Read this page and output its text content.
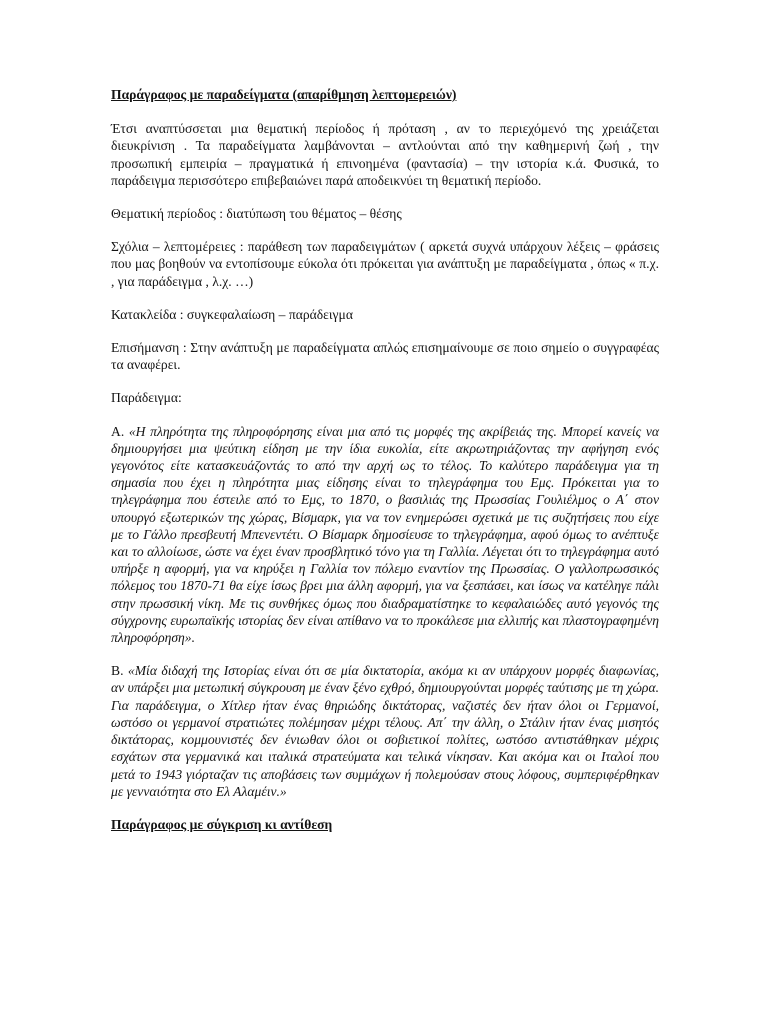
Παράγραφος με παραδείγματα (απαρίθμηση λεπτομερειών)
Έτσι αναπτύσσεται μια θεματική περίοδος ή πρόταση , αν το περιεχόμενό της χρειάζεται διευκρίνιση . Τα παραδείγματα λαμβάνονται – αντλούνται από την καθημερινή ζωή , την προσωπική εμπειρία – πραγματικά ή επινοημένα (φαντασία) – την ιστορία κ.ά. Φυσικά, το παράδειγμα περισσότερο επιβεβαιώνει παρά αποδεικνύει τη θεματική περίοδο.
Θεματική περίοδος : διατύπωση του θέματος – θέσης
Σχόλια – λεπτομέρειες : παράθεση των παραδειγμάτων ( αρκετά συχνά υπάρχουν λέξεις – φράσεις που μας βοηθούν να εντοπίσουμε εύκολα ότι πρόκειται για ανάπτυξη με παραδείγματα , όπως « π.χ. , για παράδειγμα , λ.χ. …)
Κατακλείδα : συγκεφαλαίωση – παράδειγμα
Επισήμανση : Στην ανάπτυξη με παραδείγματα απλώς επισημαίνουμε σε ποιο σημείο ο συγγραφέας τα αναφέρει.
Παράδειγμα:
Α. «Η πληρότητα της πληροφόρησης είναι μια από τις μορφές της ακρίβειάς της. Μπορεί κανείς να δημιουργήσει μια ψεύτικη είδηση με την ίδια ευκολία, είτε ακρωτηριάζοντας την αφήγηση ενός γεγονότος είτε κατασκευάζοντάς το από την αρχή ως το τέλος. Το καλύτερο παράδειγμα για τη σημασία που έχει η πληρότητα μιας είδησης είναι το τηλεγράφημα του Εμς. Πρόκειται για το τηλεγράφημα που έστειλε από το Εμς, το 1870, ο βασιλιάς της Πρωσσίας Γουλιέλμος ο Α΄ στον υπουργό εξωτερικών της χώρας, Βίσμαρκ, για να τον ενημερώσει σχετικά με τις συζητήσεις που είχε με το Γάλλο πρεσβευτή Μπενεντέτι. Ο Βίσμαρκ δημοσίευσε το τηλεγράφημα, αφού όμως το ανέπτυξε και το αλλοίωσε, ώστε να έχει έναν προσβλητικό τόνο για τη Γαλλία. Λέγεται ότι το τηλεγράφημα αυτό υπήρξε η αφορμή, για να κηρύξει η Γαλλία τον πόλεμο εναντίον της Πρωσσίας. Ο γαλλοπρωσσικός πόλεμος του 1870-71 θα είχε ίσως βρει μια άλλη αφορμή, για να ξεσπάσει, και ίσως να κατέληγε πάλι στην πρωσσική νίκη. Με τις συνθήκες όμως που διαδραματίστηκε το κεφαλαιώδες αυτό γεγονός της σύγχρονης ευρωπαϊκής ιστορίας δεν είναι απίθανο να το προκάλεσε μια ελλιπής και πλαστογραφημένη πληροφόρηση».
Β. «Μία διδαχή της Ιστορίας είναι ότι σε μία δικτατορία, ακόμα κι αν υπάρχουν μορφές διαφωνίας, αν υπάρξει μια μετωπική σύγκρουση με έναν ξένο εχθρό, δημιουργούνται μορφές ταύτισης με τη χώρα. Για παράδειγμα, ο Χίτλερ ήταν ένας θηριώδης δικτάτορας, ναζιστές δεν ήταν όλοι οι Γερμανοί, ωστόσο οι γερμανοί στρατιώτες πολέμησαν μέχρι τέλους. Απ΄ την άλλη, ο Στάλιν ήταν ένας μισητός δικτάτορας, κομμουνιστές δεν ένιωθαν όλοι οι σοβιετικοί πολίτες, ωστόσο αντιστάθηκαν μέχρις εσχάτων στα γερμανικά και ιταλικά στρατεύματα και τελικά νίκησαν. Και ακόμα και οι Ιταλοί που μετά το 1943 γιόρταζαν τις αποβάσεις των συμμάχων ή πολεμούσαν στους λόφους, συμπεριφέρθηκαν με γενναιότητα στο Ελ Αλαμέιν.»
Παράγραφος με σύγκριση κι αντίθεση
